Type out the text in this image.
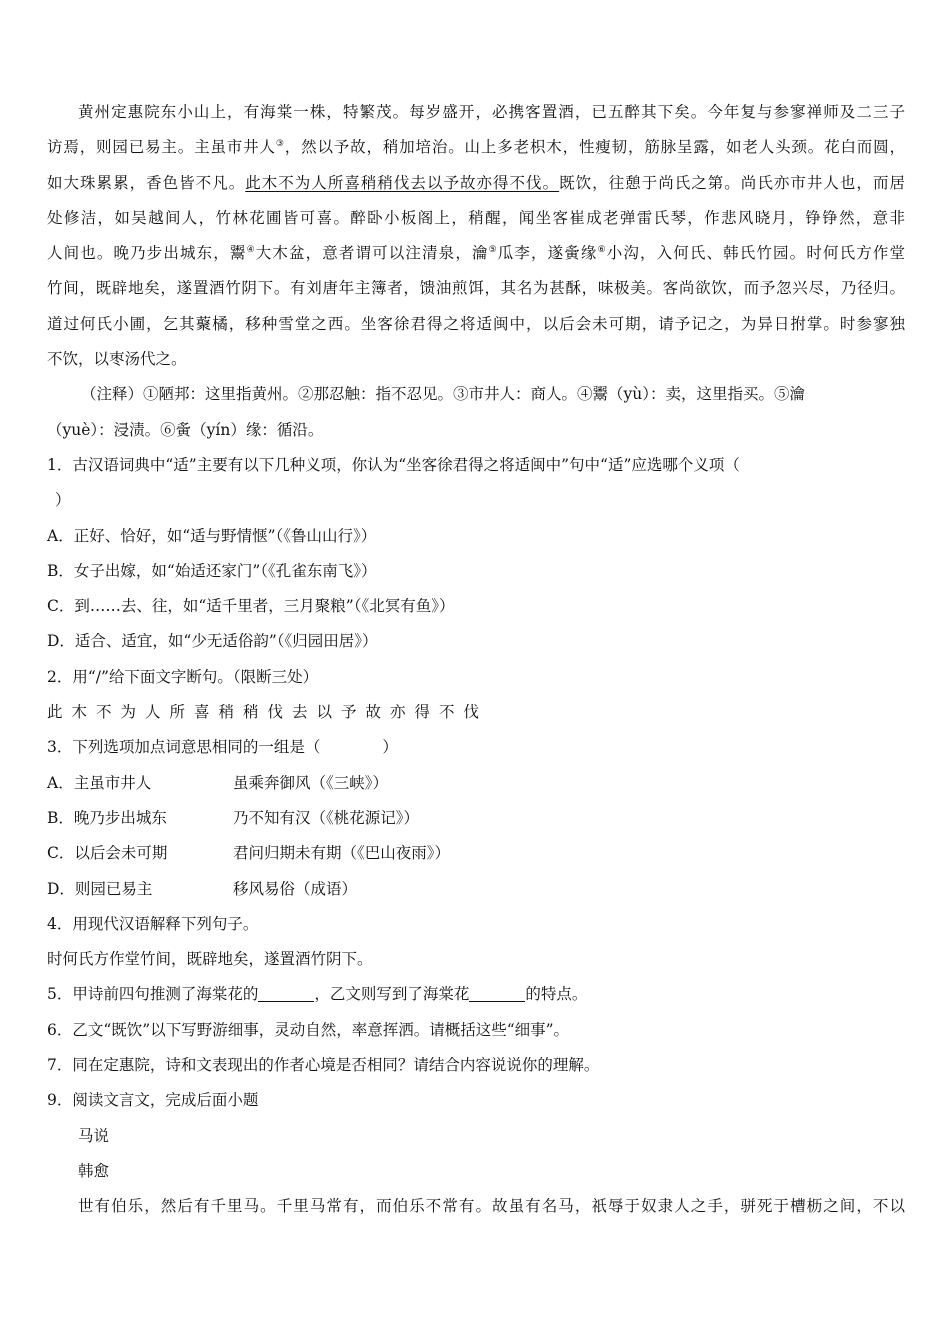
黄州定惠院东小山上，有海棠一株，特繁茂。每岁盛开，必携客置酒，已五醉其下矣。今年复与参寥禅师及二三子
访焉，则园已易主。主虽市井人③，然以予故，稍加培治。山上多老枳木，性瘦韧，筋脉呈露，如老人头颈。花白而圆，
如大珠累累，香色皆不凡。此木不为人所喜稍稍伐去以予故亦得不伐。既饮，往憩于尚氏之第。尚氏亦市井人也，而居
处修洁，如吴越间人，竹林花圃皆可喜。醉卧小板阁上，稍醒，闻坐客崔成老弹雷氏琴，作悲风晓月，铮铮然，意非
人间也。晚乃步出城东，鬻④大木盆，意者谓可以注清泉，瀹⑤瓜李，遂夤缘⑥小沟，入何氏、韩氏竹园。时何氏方作堂
竹间，既辟地矣，遂置酒竹阴下。有刘唐年主簿者，馈油煎饵，其名为甚酥，味极美。客尚欲饮，而予忽兴尽，乃径归。
道过何氏小圃，乞其藂橘，移种雪堂之西。坐客徐君得之将适闽中，以后会未可期，请予记之，为异日拊掌。时参寥独
不饮，以枣汤代之。
（注释）①陋邦：这里指黄州。②那忍触：指不忍见。③市井人：商人。④鬻（yù）：卖，这里指买。⑤瀹
（yuè）：浸渍。⑥夤（yín）缘：循沿。
1．古汉语词典中“适”主要有以下几种义项，你认为“坐客徐君得之将适闽中”句中“适”应选哪个义项（
）
A．正好、恰好，如“适与野情惬”（《鲁山山行》）
B．女子出嫁，如“始适还家门”（《孔雀东南飞》）
C．到……去、往，如“适千里者，三月聚粮”（《北冥有鱼》）
D．适合、适宜，如“少无适俗韵”（《归园田居》）
2．用“/”给下面文字断句。（限断三处）
此木不为人所喜稍稍伐去以予故亦得不伐
3．下列选项加点词意思相同的一组是（　　　　）
A．主虽市井人	虽乘奔御风（《三峡》）
B．晚乃步出城东	乃不知有汉（《桃花源记》）
C．以后会未可期	君问归期未有期（《巴山夜雨》）
D．则园已易主	移风易俗（成语）
4．用现代汉语解释下列句子。
时何氏方作堂竹间，既辟地矣，遂置酒竹阴下。
5．甲诗前四句推测了海棠花的	，乙文则写到了海棠花	的特点。
6．乙文“既饮”以下写野游细事，灵动自然，率意挥洒。请概括这些“细事”。
7．同在定惠院，诗和文表现出的作者心境是否相同？请结合内容说说你的理解。
9．阅读文言文，完成后面小题
马说
韩愈
世有伯乐，然后有千里马。千里马常有，而伯乐不常有。故虽有名马，祇辱于奴隶人之手，骈死于槽枥之间，不以
